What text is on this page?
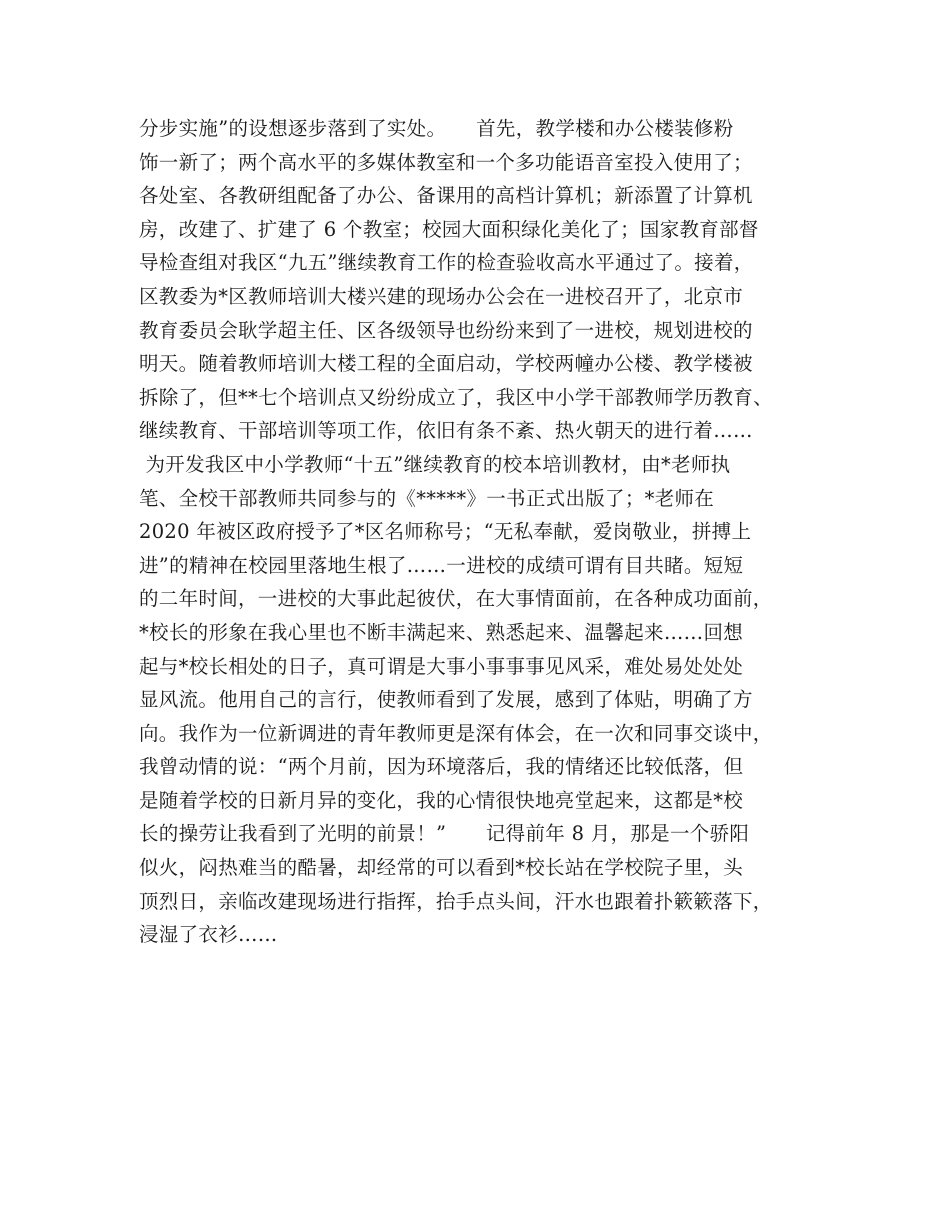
分步实施”的设想逐步落到了实处。　　首先，教学楼和办公楼装修粉
饰一新了；两个高水平的多媒体教室和一个多功能语音室投入使用了；
各处室、各教研组配备了办公、备课用的高档计算机；新添置了计算机
房，改建了、扩建了 6 个教室；校园大面积绿化美化了；国家教育部督
导检查组对我区“九五”继续教育工作的检查验收高水平通过了。接着，
区教委为*区教师培训大楼兴建的现场办公会在一进校召开了，北京市
教育委员会耿学超主任、区各级领导也纷纷来到了一进校，规划进校的
明天。随着教师培训大楼工程的全面启动，学校两幢办公楼、教学楼被
拆除了，但**七个培训点又纷纷成立了，我区中小学干部教师学历教育、
继续教育、干部培训等项工作，依旧有条不紊、热火朝天的进行着……
为开发我区中小学教师“十五”继续教育的校本培训教材，由*老师执
笔、全校干部教师共同参与的《*****》一书正式出版了；*老师在
2020 年被区政府授予了*区名师称号；“无私奉献，爱岗敬业，拼搏上
进”的精神在校园里落地生根了……一进校的成绩可谓有目共睹。短短
的二年时间，一进校的大事此起彼伏，在大事情面前，在各种成功面前，
*校长的形象在我心里也不断丰满起来、熟悉起来、温馨起来……回想
起与*校长相处的日子，真可谓是大事小事事事见风采，难处易处处处
显风流。他用自己的言行，使教师看到了发展，感到了体贴，明确了方
向。我作为一位新调进的青年教师更是深有体会，在一次和同事交谈中，
我曾动情的说：“两个月前，因为环境落后，我的情绪还比较低落，但
是随着学校的日新月异的变化，我的心情很快地亮堂起来，这都是*校
长的操劳让我看到了光明的前景！”　　记得前年 8 月，那是一个骄阳
似火，闷热难当的酷暑，却经常的可以看到*校长站在学校院子里，头
顶烈日，亲临改建现场进行指挥，抬手点头间，汗水也跟着扑簌簌落下，
浸湿了衣衫……
